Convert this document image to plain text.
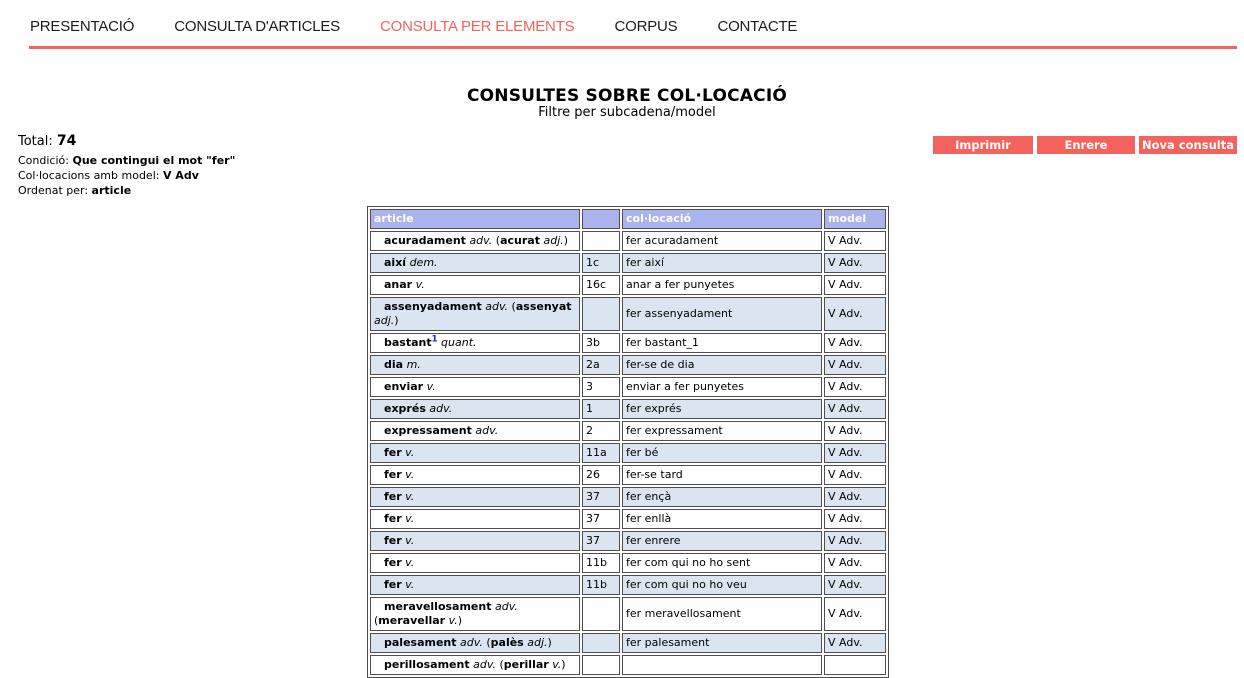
PRESENTACIÓ	CONSULTA D'ARTICLES	CONSULTA PER ELEMENTS	CORPUS	CONTACTE
CONSULTES SOBRE COL·LOCACIÓ
Filtre per subcadena/model
Total: 74
Condició: Que contingui el mot "fer"
Col·locacions amb model: V Adv
Ordenat per: article
Imprimir	Enrere	Nova consulta
article		col·locació	model
acuradament adv. (acurat adj.)		fer acuradament	V Adv.
així dem.	1c	fer així	V Adv.
anar v.	16c	anar a fer punyetes	V Adv.
assenyadament adv. (assenyat adj.)		fer assenyadament	V Adv.
bastant$^1$ quant.	3b	fer bastant_1	V Adv.
dia m.	2a	fer-se de dia	V Adv.
enviar v.	3	enviar a fer punyetes	V Adv.
exprés adv.	1	fer exprés	V Adv.
expressament adv.	2	fer expressament	V Adv.
fer v.	11a	fer bé	V Adv.
fer v.	26	fer-se tard	V Adv.
fer v.	37	fer ençà	V Adv.
fer v.	37	fer enllà	V Adv.
fer v.	37	fer enrere	V Adv.
fer v.	11b	fer com qui no ho sent	V Adv.
fer v.	11b	fer com qui no ho veu	V Adv.
meravellosament adv. (meravellar v.)		fer meravellosament	V Adv.
palesament adv. (palès adj.)		fer palesament	V Adv.
perillosament adv. (perillar v.)			
